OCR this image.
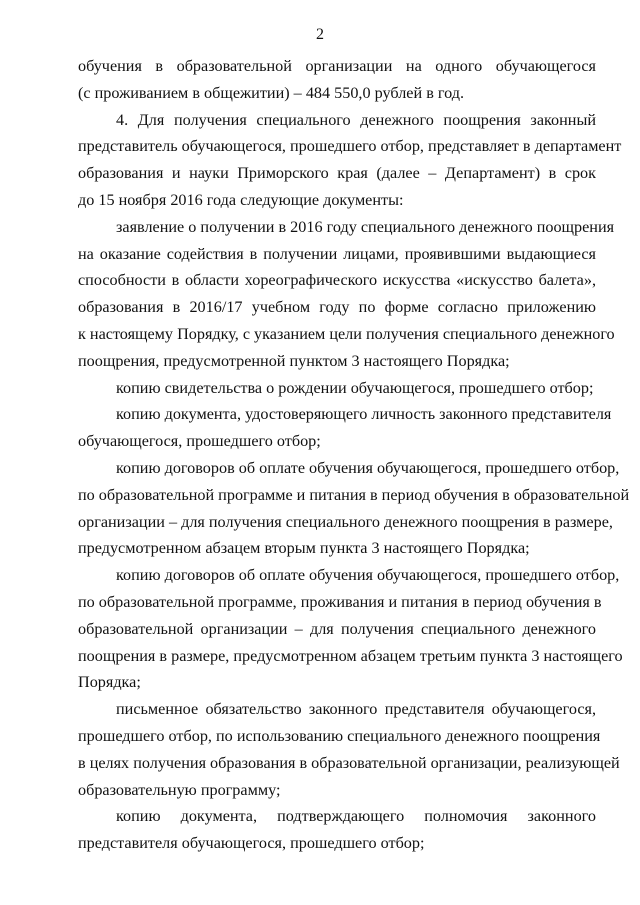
2

обучения в образовательной организации на одного обучающегося
(с проживанием в общежитии) – 484 550,0 рублей в год.

4. Для получения специального денежного поощрения законный
представитель обучающегося, прошедшего отбор, представляет в департамент
образования и науки Приморского края (далее – Департамент) в срок
до 15 ноября 2016 года следующие документы:

заявление о получении в 2016 году специального денежного поощрения
на оказание содействия в получении лицами, проявившими выдающиеся
способности в области хореографического искусства «искусство балета»,
образования в 2016/17 учебном году по форме согласно приложению
к настоящему Порядку, с указанием цели получения специального денежного
поощрения, предусмотренной пунктом 3 настоящего Порядка;

копию свидетельства о рождении обучающегося, прошедшего отбор;

копию документа, удостоверяющего личность законного представителя
обучающегося, прошедшего отбор;

копию договоров об оплате обучения обучающегося, прошедшего отбор,
по образовательной программе и питания в период обучения в образовательной
организации – для получения специального денежного поощрения в размере,
предусмотренном абзацем вторым пункта 3 настоящего Порядка;

копию договоров об оплате обучения обучающегося, прошедшего отбор,
по образовательной программе, проживания и питания в период обучения в
образовательной организации – для получения специального денежного
поощрения в размере, предусмотренном абзацем третьим пункта 3 настоящего
Порядка;

письменное обязательство законного представителя обучающегося,
прошедшего отбор, по использованию специального денежного поощрения
в целях получения образования в образовательной организации, реализующей
образовательную программу;

копию документа, подтверждающего полномочия законного
представителя обучающегося, прошедшего отбор;
